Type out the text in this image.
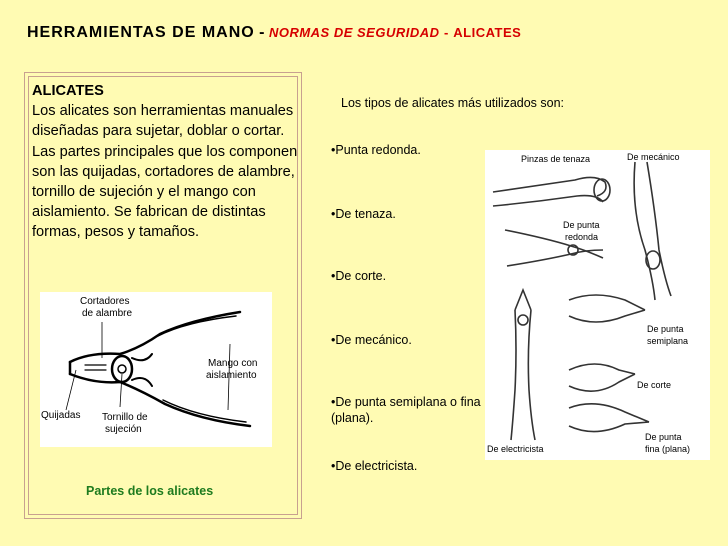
HERRAMIENTAS DE MANO - NORMAS DE SEGURIDAD - ALICATES

ALICATES

Los alicates son herramientas manuales diseñadas para sujetar, doblar o cortar.

Las partes principales que los componen son las quijadas, cortadores de alambre, tornillo de sujeción y el mango con aislamiento. Se fabrican de distintas formas, pesos y tamaños.

Cortadores
de alambre
Quijadas Tornillo de
sujeción
Mango con
aislamiento
Partes de los alicates
Los tipos de alicates más utilizados son:
•Punta redonda.
•De tenaza.
•De corte.
•De mecánico.
•De punta semiplana o fina (plana).
•De electricista.
Pinzas de tenaza	De mecánico
De punta
redonda
De punta
semiplana
De corte
De electricista
De punta
fina (plana)
